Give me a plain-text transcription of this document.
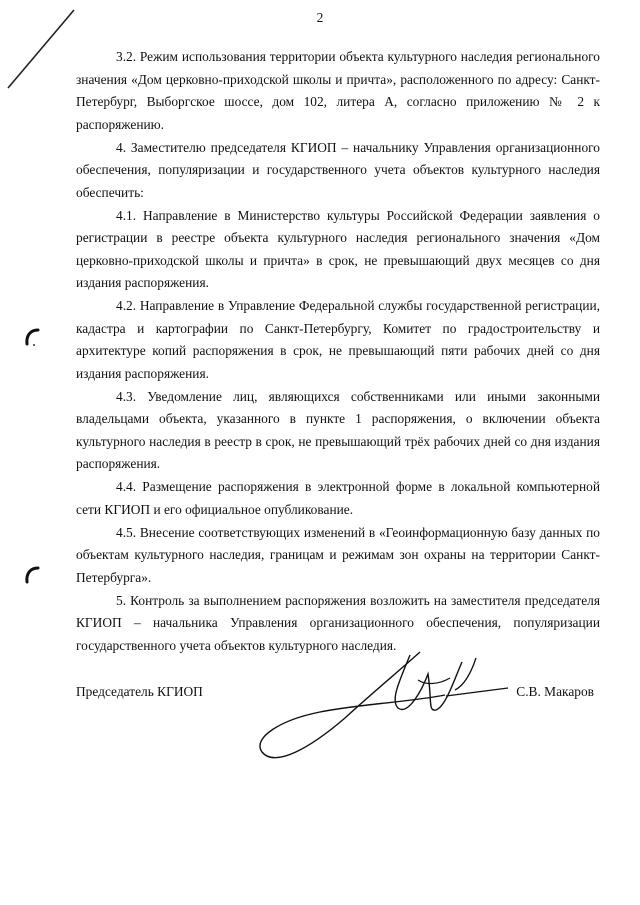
2

3.2. Режим использования территории объекта культурного наследия регионального значения «Дом церковно-приходской школы и причта», расположенного по адресу: Санкт-Петербург, Выборгское шоссе, дом 102, литера А, согласно приложению № 2 к распоряжению.

4. Заместителю председателя КГИОП – начальнику Управления организационного обеспечения, популяризации и государственного учета объектов культурного наследия обеспечить:

4.1. Направление в Министерство культуры Российской Федерации заявления о регистрации в реестре объекта культурного наследия регионального значения «Дом церковно-приходской школы и причта» в срок, не превышающий двух месяцев со дня издания распоряжения.

4.2. Направление в Управление Федеральной службы государственной регистрации, кадастра и картографии по Санкт-Петербургу, Комитет по градостроительству и архитектуре копий распоряжения в срок, не превышающий пяти рабочих дней со дня издания распоряжения.

4.3. Уведомление лиц, являющихся собственниками или иными законными владельцами объекта, указанного в пункте 1 распоряжения, о включении объекта культурного наследия в реестр в срок, не превышающий трёх рабочих дней со дня издания распоряжения.

4.4. Размещение распоряжения в электронной форме в локальной компьютерной сети КГИОП и его официальное опубликование.

4.5. Внесение соответствующих изменений в «Геоинформационную базу данных по объектам культурного наследия, границам и режимам зон охраны на территории Санкт-Петербурга».

5. Контроль за выполнением распоряжения возложить на заместителя председателя КГИОП – начальника Управления организационного обеспечения, популяризации государственного учета объектов культурного наследия.

Председатель КГИОП	С.В. Макаров
